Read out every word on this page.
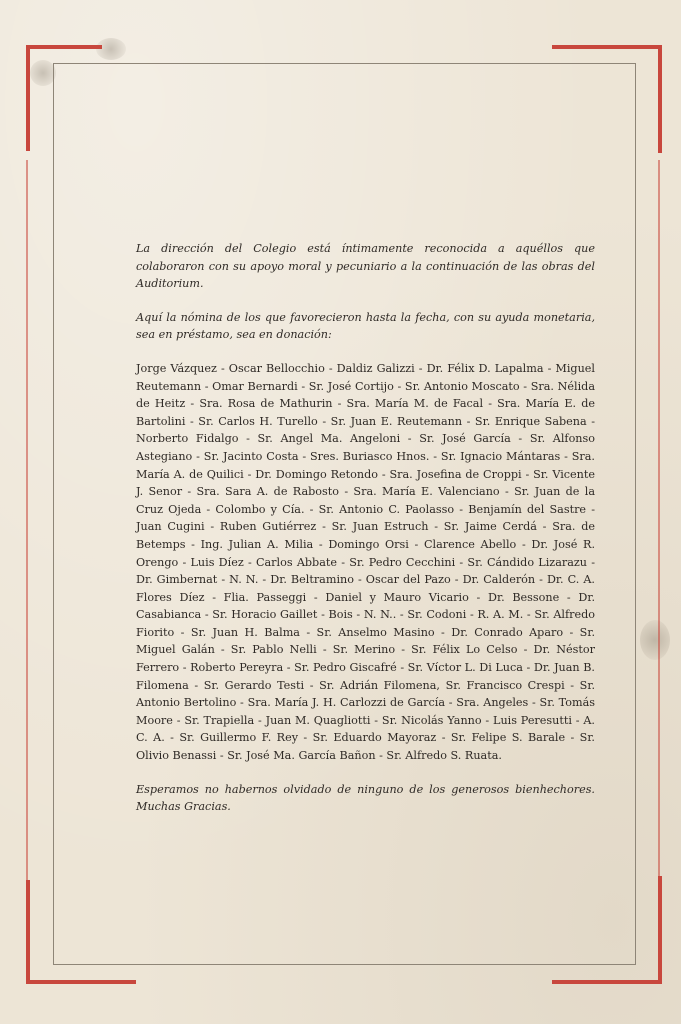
La dirección del Colegio está íntimamente reconocida a aquéllos que colaboraron con su apoyo moral y pecuniario a la continuación de las obras del Auditorium.

Aquí la nómina de los que favorecieron hasta la fecha, con su ayuda monetaria, sea en préstamo, sea en donación:

Jorge Vázquez - Oscar Bellocchio - Daldiz Galizzi - Dr. Félix D. Lapalma - Miguel Reutemann - Omar Bernardi - Sr. José Cortijo - Sr. Antonio Moscato - Sra. Nélida de Heitz - Sra. Rosa de Mathurin - Sra. María M. de Facal - Sra. María E. de Bartolini - Sr. Carlos H. Turello - Sr. Juan E. Reutemann - Sr. Enrique Sabena - Norberto Fidalgo - Sr. Angel Ma. Angeloni - Sr. José García - Sr. Alfonso Astegiano - Sr. Jacinto Costa - Sres. Buriasco Hnos. - Sr. Ignacio Mántaras - Sra. María A. de Quilici - Dr. Domingo Retondo - Sra. Josefina de Croppi - Sr. Vicente J. Senor - Sra. Sara A. de Rabosto - Sra. María E. Valenciano - Sr. Juan de la Cruz Ojeda - Colombo y Cía. - Sr. Antonio C. Paolasso - Benjamín del Sastre - Juan Cugini - Ruben Gutiérrez - Sr. Juan Estruch - Sr. Jaime Cerdá - Sra. de Betemps - Ing. Julian A. Milia - Domingo Orsi - Clarence Abello - Dr. José R. Orengo - Luis Díez - Carlos Abbate - Sr. Pedro Cecchini - Sr. Cándido Lizarazu - Dr. Gimbernat - N. N. - Dr. Beltramino - Oscar del Pazo - Dr. Calderón - Dr. C. A. Flores Díez - Flia. Passeggi - Daniel y Mauro Vicario - Dr. Bessone - Dr. Casabianca - Sr. Horacio Gaillet - Bois - N. N.. - Sr. Codoni - R. A. M. - Sr. Alfredo Fiorito - Sr. Juan H. Balma - Sr. Anselmo Masino - Dr. Conrado Aparo - Sr. Miguel Galán - Sr. Pablo Nelli - Sr. Merino - Sr. Félix Lo Celso - Dr. Néstor Ferrero - Roberto Pereyra - Sr. Pedro Giscafré - Sr. Víctor L. Di Luca - Dr. Juan B. Filomena - Sr. Gerardo Testi - Sr. Adrián Filomena, Sr. Francisco Crespi - Sr. Antonio Bertolino - Sra. María J. H. Carlozzi de García - Sra. Angeles - Sr. Tomás Moore - Sr. Trapiella - Juan M. Quagliotti - Sr. Nicolás Yanno - Luis Peresutti - A. C. A. - Sr. Guillermo F. Rey - Sr. Eduardo Mayoraz - Sr. Felipe S. Barale - Sr. Olivio Benassi - Sr. José Ma. García Bañon - Sr. Alfredo S. Ruata.

Esperamos no habernos olvidado de ninguno de los generosos bienhechores. Muchas Gracias.
